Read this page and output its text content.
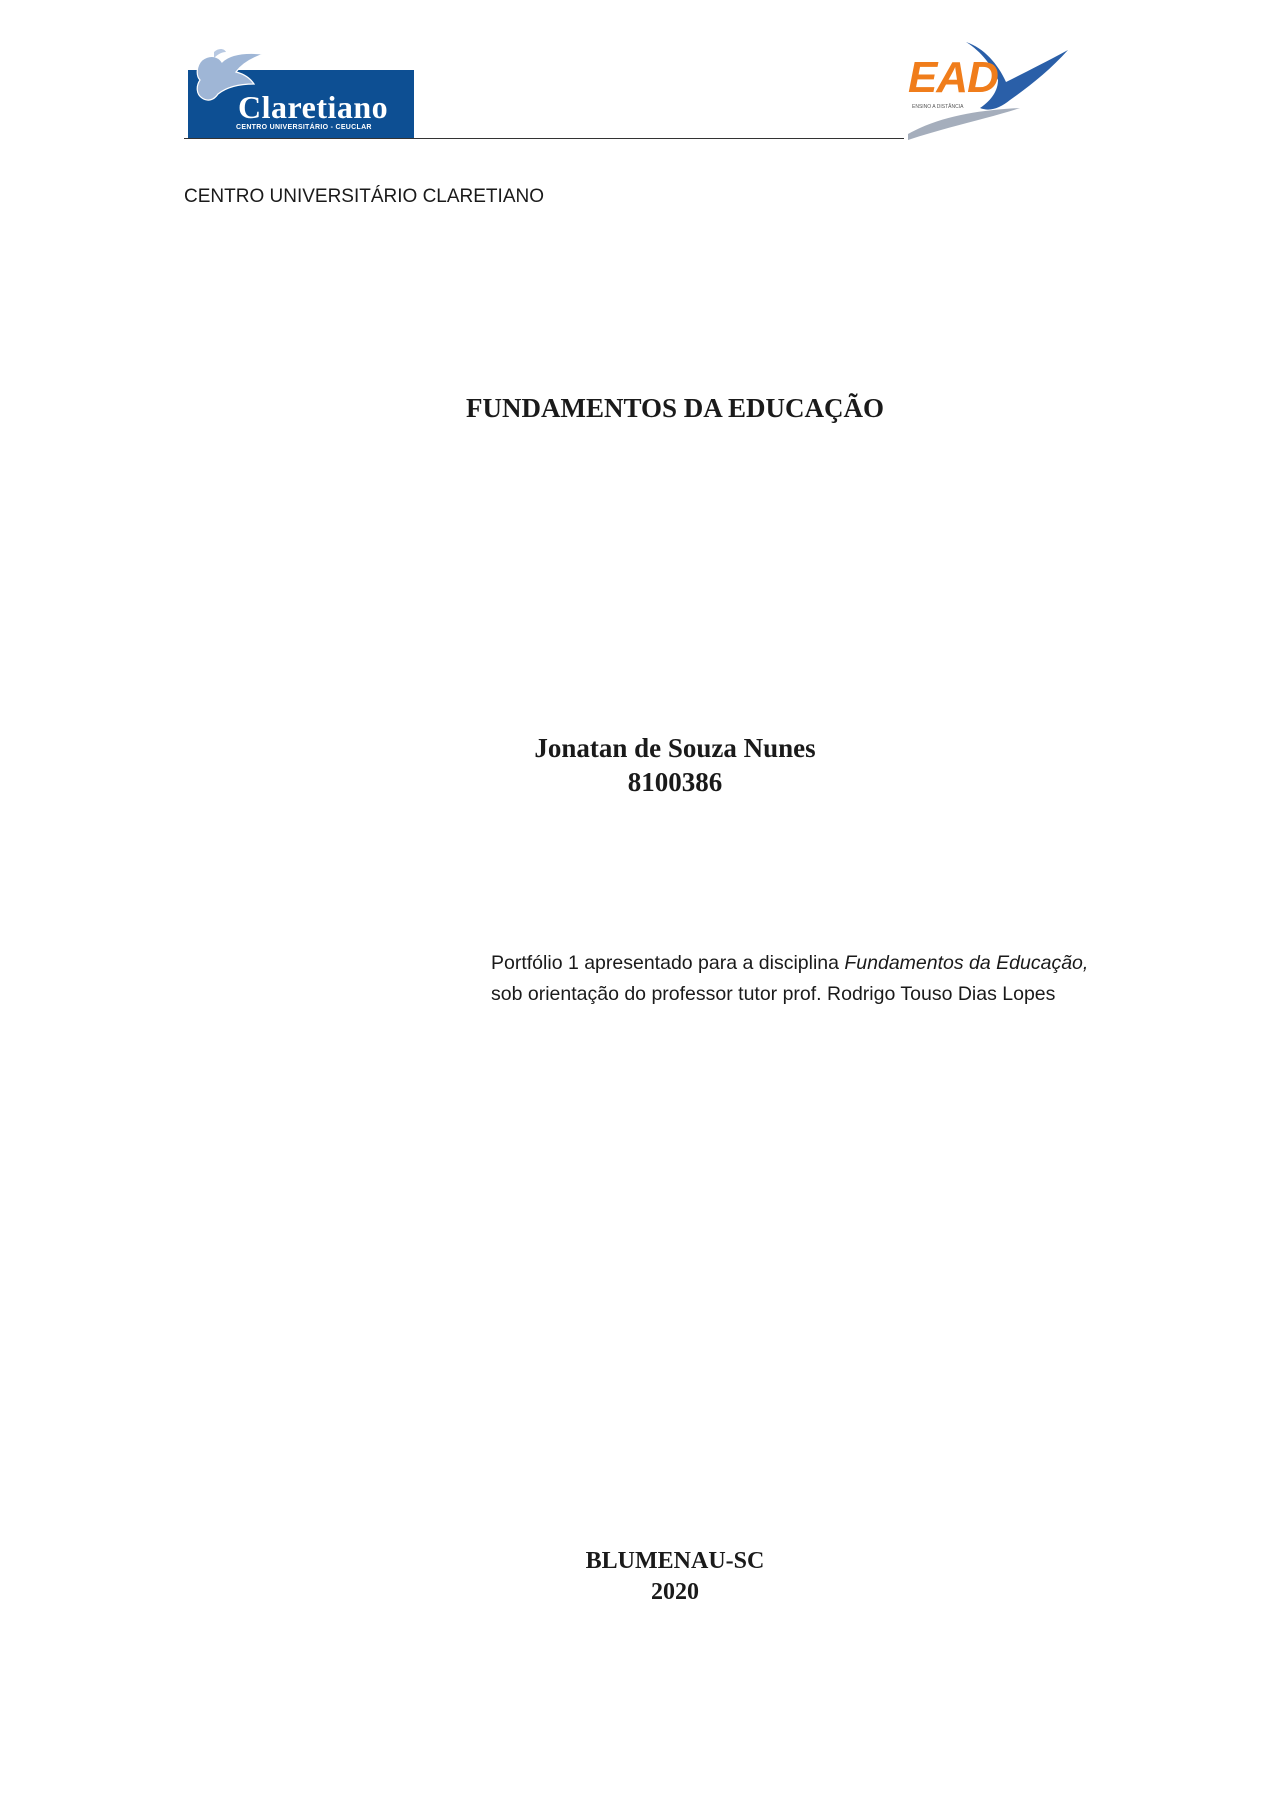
Claretiano
CENTRO UNIVERSITÁRIO - CEUCLAR
EAD
ENSINO A DISTÂNCIA
CENTRO UNIVERSITÁRIO CLARETIANO
FUNDAMENTOS DA EDUCAÇÃO
Jonatan de Souza Nunes
8100386
Portfólio 1 apresentado para a disciplina Fundamentos da Educação,
sob orientação do professor tutor prof. Rodrigo Touso Dias Lopes
BLUMENAU-SC
2020
